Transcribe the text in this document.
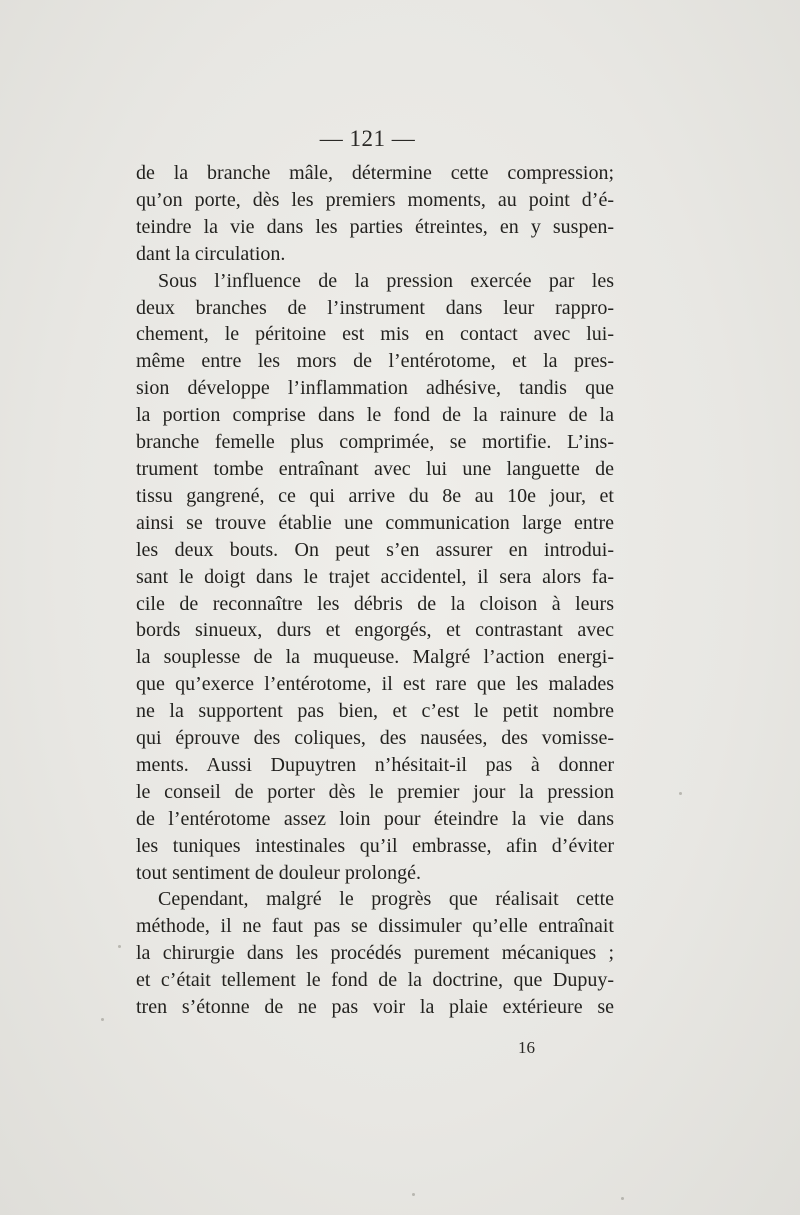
— 121 —

de la branche mâle, détermine cette compression;
qu’on porte, dès les premiers moments, au point d’é-
teindre la vie dans les parties étreintes, en y suspen-
dant la circulation.

Sous l’influence de la pression exercée par les
deux branches de l’instrument dans leur rappro-
chement, le péritoine est mis en contact avec lui-
même entre les mors de l’entérotome, et la pres-
sion développe l’inflammation adhésive, tandis que
la portion comprise dans le fond de la rainure de la
branche femelle plus comprimée, se mortifie. L’ins-
trument tombe entraînant avec lui une languette de
tissu gangrené, ce qui arrive du 8e au 10e jour, et
ainsi se trouve établie une communication large entre
les deux bouts. On peut s’en assurer en introdui-
sant le doigt dans le trajet accidentel, il sera alors fa-
cile de reconnaître les débris de la cloison à leurs
bords sinueux, durs et engorgés, et contrastant avec
la souplesse de la muqueuse. Malgré l’action energi-
que qu’exerce l’entérotome, il est rare que les malades
ne la supportent pas bien, et c’est le petit nombre
qui éprouve des coliques, des nausées, des vomisse-
ments. Aussi Dupuytren n’hésitait-il pas à donner
le conseil de porter dès le premier jour la pression
de l’entérotome assez loin pour éteindre la vie dans
les tuniques intestinales qu’il embrasse, afin d’éviter
tout sentiment de douleur prolongé.

Cependant, malgré le progrès que réalisait cette
méthode, il ne faut pas se dissimuler qu’elle entraînait
la chirurgie dans les procédés purement mécaniques ;
et c’était tellement le fond de la doctrine, que Dupuy-
tren s’étonne de ne pas voir la plaie extérieure se

16
